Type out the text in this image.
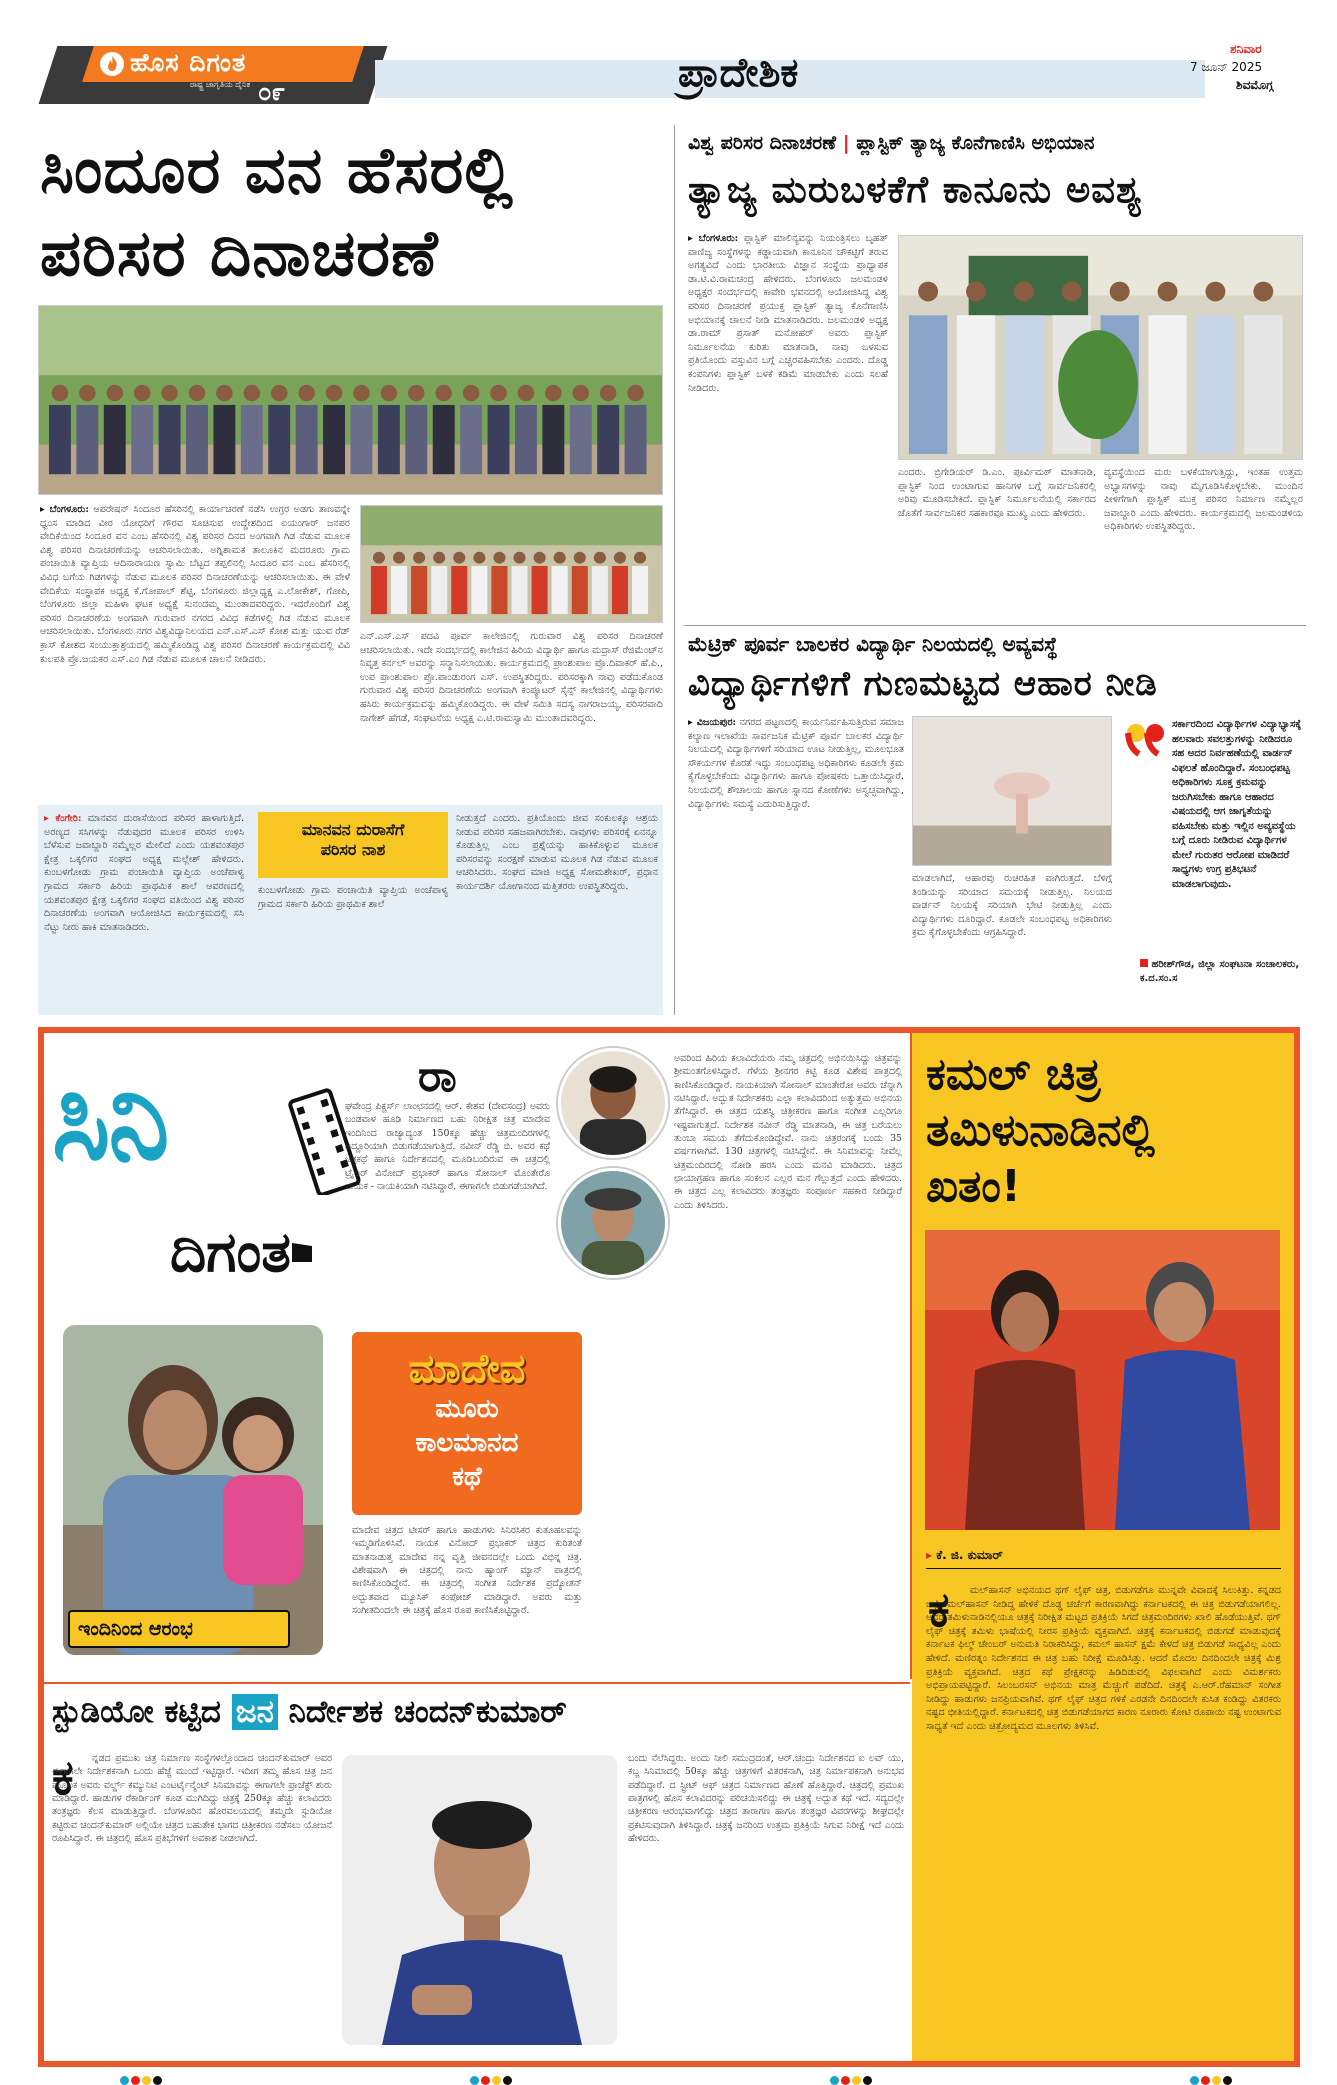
ಹೊಸ ದಿಗಂತ
ರಾಷ್ಟ್ರ ಜಾಗೃತಿಯ ದೈನಿಕ ೦೯	ಪ್ರಾದೇಶಿಕ
ಶನಿವಾರ
7 ಜೂನ್ 2025
ಶಿವಮೊಗ್ಗ
ಸಿಂದೂರ ವನ ಹೆಸರಲ್ಲಿ
ಪರಿಸರ ದಿನಾಚರಣೆ
▸ ಬೆಂಗಳೂರು: ಆಪರೇಷನ್ ಸಿಂದೂರ ಹೆಸರಿನಲ್ಲಿ ಕಾರ್ಯಾಚರಣೆ ನಡೆಸಿ ಉಗ್ರರ ಅಡಗು ತಾಣವನ್ನೇ ಧ್ವಂಸ ಮಾಡಿದ ವೀರ ಯೋಧರಿಗೆ ಗೌರವ ಸೂಚಿಸುವ ಉದ್ದೇಶದಿಂದ ಐಯಂಗಾರ್ ಜನಪರ ವೇದಿಕೆಯಿಂದ ಸಿಂದೂರ ವನ ಎಂಬ ಹೆಸರಿನಲ್ಲಿ ವಿಶ್ವ ಪರಿಸರ ದಿನದ ಅಂಗವಾಗಿ ಗಿಡ ನೆಡುವ ಮೂಲಕ ವಿಶ್ವ ಪರಿಸರ ದಿನಾಚರಣೆಯನ್ನು ಆಚರಿಸಲಾಯಿತು. ಅಗ್ನಿಶಾಮಕ ತಾಲೂಕಿನ ಮದರೂರು ಗ್ರಾಮ ಪಂಚಾಯಿತಿ ವ್ಯಾಪ್ತಿಯ ಆದಿನಾರಾಯಣ ಸ್ವಾಮಿ ಬೆಟ್ಟದ ತಪ್ಪಲಿನಲ್ಲಿ ಸಿಂದೂರ ವನ ಎಂಬ ಹೆಸರಿನಲ್ಲಿ ವಿವಿಧ ಬಗೆಯ ಗಿಡಗಳನ್ನು ನೆಡುವ ಮೂಲಕ ಪರಿಸರ ದಿನಾಚರಣೆಯನ್ನು ಆಚರಿಸಲಾಯಿತು. ಈ ವೇಳೆ ವೇದಿಕೆಯ ಸಂಸ್ಥಾಪಕ ಅಧ್ಯಕ್ಷ ಕೆ.ಗೋಪಾಲ್ ಶೆಟ್ಟಿ, ಬೆಂಗಳೂರು ಜಿಲ್ಲಾಧ್ಯಕ್ಷ ಎ.ಲೋಕೇಶ್, ಗೋಪಿ, ಬೆಂಗಳೂರು ಜಿಲ್ಲಾ ಮಹಿಳಾ ಘಟಕ ಅಧ್ಯಕ್ಷೆ ಸುನಂದಮ್ಮ ಮುಂತಾದವರಿದ್ದರು. ಇದರೊಂದಿಗೆ ವಿಶ್ವ ಪರಿಸರ ದಿನಾಚರಣೆಯ ಅಂಗವಾಗಿ ಗುರುವಾರ ನಗರದ ವಿವಿಧ ಕಡೆಗಳಲ್ಲಿ ಗಿಡ ನೆಡುವ ಮೂಲಕ ಆಚರಿಸಲಾಯಿತು. ಬೆಂಗಳೂರು ನಗರ ವಿಶ್ವವಿದ್ಯಾನಿಲಯದ ಎನ್.ಎಸ್.ಎಸ್ ಕೋಶ ಮತ್ತು ಯುವ ರೆಡ್ ಕ್ರಾಸ್ ಕೋಶದ ಸಂಯುಕ್ತಾಶ್ರಯದಲ್ಲಿ ಹಮ್ಮಿಕೊಂಡಿದ್ದ ವಿಶ್ವ ಪರಿಸರ ದಿನಾಚರಣೆ ಕಾರ್ಯಕ್ರಮದಲ್ಲಿ ವಿವಿ ಕುಲಪತಿ ಪ್ರೊ.ಜಯಕರ ಎಸ್.ಎಂ ಗಿಡ ನೆಡುವ ಮೂಲಕ ಚಾಲನೆ ನೀಡಿದರು.
ಎನ್.ಎಸ್.ಎಸ್ ಪದವಿ ಪೂರ್ವ ಕಾಲೇಜಿನಲ್ಲಿ ಗುರುವಾರ ವಿಶ್ವ ಪರಿಸರ ದಿನಾಚರಣೆ ಆಚರಿಸಲಾಯಿತು. ಇದೇ ಸಂದರ್ಭದಲ್ಲಿ ಕಾಲೇಜಿನ ಹಿರಿಯ ವಿದ್ಯಾರ್ಥಿ ಹಾಗೂ ಮದ್ರಾಸ್ ರೆಜಿಮೆಂಟ್‌ನ ನಿವೃತ್ತ ಕರ್ನಲ್ ಅವರನ್ನು ಸನ್ಮಾನಿಸಲಾಯಿತು. ಕಾರ್ಯಕ್ರಮದಲ್ಲಿ ಪ್ರಾಂಶುಪಾಲ ಪ್ರೊ.ದಿವಾಕರ್ ಹೆ.ಪಿ., ಉಪ ಪ್ರಾಂಶುಪಾಲ ಪ್ರೊ.ಪಾಂಡುರಂಗ ಎಸ್. ಉಪಸ್ಥಿತರಿದ್ದರು. ಪರಿಸರಕ್ಕಾಗಿ ನಾವು ಪಡೆದುಕೊಂಡ ಗುರುವಾರ ವಿಶ್ವ ಪರಿಸರ ದಿನಾಚರಣೆಯ ಅಂಗವಾಗಿ ಕಂಪ್ಯೂಟರ್ ಸೈನ್ಸ್ ಕಾಲೇಜಿನಲ್ಲಿ ವಿದ್ಯಾರ್ಥಿಗಳು ಹಸಿರು ಕಾರ್ಯಕ್ರಮವನ್ನು ಹಮ್ಮಿಕೊಂಡಿದ್ದರು. ಈ ವೇಳೆ ಸಮಿತಿ ಸದಸ್ಯ ನಾಗರಾಜಯ್ಯ, ಪರಿಸರವಾದಿ ನಾಗೇಶ್ ಹೆಗಡೆ, ಸಂಘಟನೆಯ ಅಧ್ಯಕ್ಷ ಎ.ಟಿ.ರಾಮಸ್ವಾಮಿ ಮುಂತಾದವರಿದ್ದರು.
▸ ಕೆಂಗೇರಿ: ಮಾನವನ ದುರಾಸೆಯಿಂದ ಪರಿಸರ ಹಾಳಾಗುತ್ತಿದೆ. ಅರಣ್ಯದ ಸಸಿಗಳನ್ನು ನೆಡುವುದರ ಮೂಲಕ ಪರಿಸರ ಉಳಿಸಿ ಬೆಳೆಸುವ ಜವಾಬ್ದಾರಿ ನಮ್ಮೆಲ್ಲರ ಮೇಲಿದೆ ಎಂದು ಯಶವಂತಪುರ ಕ್ಷೇತ್ರ ಒಕ್ಕಲಿಗರ ಸಂಘದ ಅಧ್ಯಕ್ಷ ಮಲ್ಲೇಶ್ ಹೇಳಿದರು. ಕುಂಬಳಗೋಡು ಗ್ರಾಮ ಪಂಚಾಯಿತಿ ವ್ಯಾಪ್ತಿಯ ಅಂಚೆಪಾಳ್ಯ ಗ್ರಾಮದ ಸರ್ಕಾರಿ ಹಿರಿಯ ಪ್ರಾಥಮಿಕ ಶಾಲೆ ಆವರಣದಲ್ಲಿ ಯಶವಂತಪುರ ಕ್ಷೇತ್ರ ಒಕ್ಕಲಿಗರ ಸಂಘದ ವತಿಯಿಂದ ವಿಶ್ವ ಪರಿಸರ ದಿನಾಚರಣೆಯ ಅಂಗವಾಗಿ ಆಯೋಜಿಸಿದ ಕಾರ್ಯಕ್ರಮದಲ್ಲಿ ಸಸಿ ನೆಟ್ಟು ನೀರು ಹಾಕಿ ಮಾತನಾಡಿದರು.
ಮಾನವನ ದುರಾಸೆಗೆ
ಪರಿಸರ ನಾಶ
ಕುಂಬಳಗೋಡು ಗ್ರಾಮ ಪಂಚಾಯಿತಿ ವ್ಯಾಪ್ತಿಯ ಅಂಚೆಪಾಳ್ಯ ಗ್ರಾಮದ ಸರ್ಕಾರಿ ಹಿರಿಯ ಪ್ರಾಥಮಿಕ ಶಾಲೆ
ನೀಡುತ್ತದೆ ಎಂದರು. ಪ್ರತಿಯೊಂದು ಜೀವ ಸಂಕುಲಕ್ಕೂ ಆಶ್ರಯ ನೀಡುವ ಪರಿಸರ ಸಹಜವಾಗಿರಬೇಕು. ನಾವುಗಳು ಪರಿಸರಕ್ಕೆ ಏನನ್ನೂ ಕೊಡುತ್ತಿಲ್ಲ ಎಂಬ ಪ್ರಶ್ನೆಯನ್ನು ಹಾಕಿಕೊಳ್ಳುವ ಮೂಲಕ ಪರಿಸರವನ್ನು ಸಂರಕ್ಷಣೆ ಮಾಡುವ ಮೂಲಕ ಗಿಡ ನೆಡುವ ಮೂಲಕ ಆಚರಿಸಿದರು. ಸಂಘದ ಮಾಜಿ ಅಧ್ಯಕ್ಷ ಸೋಮಶೇಖರ್, ಪ್ರಧಾನ ಕಾರ್ಯದರ್ಶಿ ಯೋಗಾನಂದ ಮತ್ತಿತರರು ಉಪಸ್ಥಿತರಿದ್ದರು.
ವಿಶ್ವ ಪರಿಸರ ದಿನಾಚರಣೆ | ಪ್ಲಾಸ್ಟಿಕ್ ತ್ಯಾಜ್ಯ ಕೊನೆಗಾಣಿಸಿ ಅಭಿಯಾನ
ತ್ಯಾಜ್ಯ ಮರುಬಳಕೆಗೆ ಕಾನೂನು ಅವಶ್ಯ
▸ ಬೆಂಗಳೂರು: ಪ್ಲಾಸ್ಟಿಕ್ ಮಾಲಿನ್ಯವನ್ನು ನಿಯಂತ್ರಿಸಲು ಬೃಹತ್ ವಾಣಿಜ್ಯ ಸಂಸ್ಥೆಗಳನ್ನು ಕಡ್ಡಾಯವಾಗಿ ಕಾನೂನಿನ ಚೌಕಟ್ಟಿಗೆ ತರುವ ಅಗತ್ಯವಿದೆ ಎಂದು ಭಾರತೀಯ ವಿಜ್ಞಾನ ಸಂಸ್ಥೆಯ ಪ್ರಾಧ್ಯಾಪಕ ಡಾ.ಟಿ.ವಿ.ರಾಮಚಂದ್ರ ಹೇಳಿದರು. ಬೆಂಗಳೂರು ಜಲಮಂಡಳಿ ಅಧ್ಯಕ್ಷರ ಸಂದರ್ಭದಲ್ಲಿ ಕಾವೇರಿ ಭವನದಲ್ಲಿ ಆಯೋಜಿಸಿದ್ದ ವಿಶ್ವ ಪರಿಸರ ದಿನಾಚರಣೆ ಪ್ರಯುಕ್ತ ಪ್ಲಾಸ್ಟಿಕ್ ತ್ಯಾಜ್ಯ ಕೊನೆಗಾಣಿಸಿ ಅಭಿಯಾನಕ್ಕೆ ಚಾಲನೆ ನೀಡಿ ಮಾತನಾಡಿದರು. ಜಲಮಂಡಳಿ ಅಧ್ಯಕ್ಷ ಡಾ.ರಾಮ್ ಪ್ರಸಾತ್ ಮನೋಹರ್ ಅವರು ಪ್ಲಾಸ್ಟಿಕ್ ನಿರ್ಮೂಲನೆಯ ಕುರಿತು ಮಾತನಾಡಿ, ನಾವು ಬಳಸುವ ಪ್ರತಿಯೊಂದು ವಸ್ತುವಿನ ಬಗ್ಗೆ ಎಚ್ಚರವಹಿಸಬೇಕು ಎಂದರು. ದೊಡ್ಡ ಕಂಪನಿಗಳು ಪ್ಲಾಸ್ಟಿಕ್ ಬಳಕೆ ಕಡಿಮೆ ಮಾಡಬೇಕು ಎಂದು ಸಲಹೆ ನೀಡಿದರು.
ಎಂದರು. ಬ್ರಿಗೇಡಿಯರ್ ಡಿ.ಎಂ. ಪೂರ್ವಿಮಠ್ ಮಾತನಾಡಿ, ಪ್ಲಾಸ್ಟಿಕ್ ನಿಂದ ಉಂಟಾಗುವ ಹಾನಿಗಳ ಬಗ್ಗೆ ಸಾರ್ವಜನಿಕರಲ್ಲಿ ಅರಿವು ಮೂಡಿಸಬೇಕಿದೆ. ಪ್ಲಾಸ್ಟಿಕ್ ನಿರ್ಮೂಲನೆಯಲ್ಲಿ ಸರ್ಕಾರದ ಜೊತೆಗೆ ಸಾರ್ವಜನಿಕರ ಸಹಕಾರವೂ ಮುಖ್ಯ ಎಂದು ಹೇಳಿದರು.
ವ್ಯವಸ್ಥೆಯಿಂದ ಮರು ಬಳಕೆಯಾಗುತ್ತಿದ್ದು, ಇಂತಹ ಉತ್ತಮ ಅಭ್ಯಾಸಗಳನ್ನು ನಾವು ಮೈಗೂಡಿಸಿಕೊಳ್ಳಬೇಕು. ಮುಂದಿನ ಪೀಳಿಗೆಗಾಗಿ ಪ್ಲಾಸ್ಟಿಕ್ ಮುಕ್ತ ಪರಿಸರ ನಿರ್ಮಾಣ ನಮ್ಮೆಲ್ಲರ ಜವಾಬ್ದಾರಿ ಎಂದು ಹೇಳಿದರು. ಕಾರ್ಯಕ್ರಮದಲ್ಲಿ ಜಲಮಂಡಳಿಯ ಅಧಿಕಾರಿಗಳು ಉಪಸ್ಥಿತರಿದ್ದರು.
ಮೆಟ್ರಿಕ್ ಪೂರ್ವ ಬಾಲಕರ ವಿದ್ಯಾರ್ಥಿ ನಿಲಯದಲ್ಲಿ ಅವ್ಯವಸ್ಥೆ
ವಿದ್ಯಾರ್ಥಿಗಳಿಗೆ ಗುಣಮಟ್ಟದ ಆಹಾರ ನೀಡಿ
▸ ವಿಜಯಪುರ: ನಗರದ ಪಟ್ಟಣದಲ್ಲಿ ಕಾರ್ಯನಿರ್ವಹಿಸುತ್ತಿರುವ ಸಮಾಜ ಕಲ್ಯಾಣ ಇಲಾಖೆಯ ಸಾರ್ವಜನಿಕ ಮೆಟ್ರಿಕ್ ಪೂರ್ವ ಬಾಲಕರ ವಿದ್ಯಾರ್ಥಿ ನಿಲಯದಲ್ಲಿ ವಿದ್ಯಾರ್ಥಿಗಳಿಗೆ ಸರಿಯಾದ ಊಟ ನೀಡುತ್ತಿಲ್ಲ, ಮೂಲಭೂತ ಸೌಕರ್ಯಗಳ ಕೊರತೆ ಇದ್ದು ಸಂಬಂಧಪಟ್ಟ ಅಧಿಕಾರಿಗಳು ಕೂಡಲೇ ಕ್ರಮ ಕೈಗೊಳ್ಳಬೇಕೆಂದು ವಿದ್ಯಾರ್ಥಿಗಳು ಹಾಗೂ ಪೋಷಕರು ಒತ್ತಾಯಿಸಿದ್ದಾರೆ. ನಿಲಯದಲ್ಲಿ ಶೌಚಾಲಯ ಹಾಗೂ ಸ್ನಾನದ ಕೋಣೆಗಳು ಅಸ್ವಚ್ಛವಾಗಿದ್ದು, ವಿದ್ಯಾರ್ಥಿಗಳು ಸಮಸ್ಯೆ ಎದುರಿಸುತ್ತಿದ್ದಾರೆ.
ಮಾಡಲಾಗಿದೆ, ಆಹಾರವು ರುಚಿರಹಿತ ವಾಗಿರುತ್ತದೆ. ಬೆಳಿಗ್ಗೆ ತಿಂಡಿಯನ್ನು ಸರಿಯಾದ ಸಮಯಕ್ಕೆ ನೀಡುತ್ತಿಲ್ಲ. ನಿಲಯದ ವಾರ್ಡನ್ ನಿಲಯಕ್ಕೆ ಸರಿಯಾಗಿ ಭೇಟಿ ನೀಡುತ್ತಿಲ್ಲ ಎಂದು ವಿದ್ಯಾರ್ಥಿಗಳು ದೂರಿದ್ದಾರೆ. ಕೂಡಲೇ ಸಂಬಂಧಪಟ್ಟ ಅಧಿಕಾರಿಗಳು ಕ್ರಮ ಕೈಗೊಳ್ಳಬೇಕೆಂದು ಆಗ್ರಹಿಸಿದ್ದಾರೆ.
ಸರ್ಕಾರದಿಂದ ವಿದ್ಯಾರ್ಥಿಗಳ ವಿದ್ಯಾಭ್ಯಾಸಕ್ಕೆ ಹಲವಾರು ಸವಲತ್ತುಗಳನ್ನು ನೀಡಿದರೂ ಸಹ ಅದರ ನಿರ್ವಹಣೆಯಲ್ಲಿ ವಾರ್ಡನ್ ವಿಫಲತೆ ಹೊಂದಿದ್ದಾರೆ. ಸಂಬಂಧಪಟ್ಟ ಅಧಿಕಾರಿಗಳು ಸೂಕ್ತ ಕ್ರಮವನ್ನು ಜರುಗಿಸಬೇಕು ಹಾಗೂ ಆಹಾರದ ವಿಷಯದಲ್ಲಿ ಆಗ ಜಾಗೃತೆಯನ್ನು ವಹಿಸಬೇಕು ಮತ್ತು ಇಲ್ಲಿನ ಅವ್ಯವಸ್ಥೆಯ ಬಗ್ಗೆ ದೂರು ನೀಡಿರುವ ವಿದ್ಯಾರ್ಥಿಗಳ ಮೇಲೆ ಗುರುತರ ಆರೋಪ ಮಾಡಿದರೆ ಸಾಧ್ಯಗಳು ಉಗ್ರ ಪ್ರತಿಭಟನೆ ಮಾಡಲಾಗುವುದು.
ಹರೀಶ್‌ಗೌಡ, ಜಿಲ್ಲಾ ಸಂಘಟನಾ ಸಂಚಾಲಕರು, ಕ.ದ.ಸಂ.ಸ
ಸಿನಿ
ದಿಗಂತ
ಇಂದಿನಿಂದ ಆರಂಭ
ಮಾದೇವ
ಮೂರು
ಕಾಲಮಾನದ
ಕಥೆ
ರಾ
ಘವೇಂದ್ರ ಪಿಕ್ಚರ್ಸ್ ಲಾಂಛನದಲ್ಲಿ ಆರ್. ಕೇಶವ (ದೇವಸಂದ್ರ) ಅವರು ಬಂಡವಾಳ ಹೂಡಿ ನಿರ್ಮಾಣದ ಬಹು ನಿರೀಕ್ಷಿತ ಚಿತ್ರ ಮಾದೇವ ಇಂದಿನಿಂದ ರಾಜ್ಯಾದ್ಯಂತ 150ಕ್ಕೂ ಹೆಚ್ಚು ಚಿತ್ರಮಂದಿರಗಳಲ್ಲಿ ಅದ್ದೂರಿಯಾಗಿ ಬಿಡುಗಡೆಯಾಗುತ್ತಿದೆ. ನವೀನ್ ರೆಡ್ಡಿ ಬಿ. ಅವರ ಕಥೆ ಚಿತ್ರಕಥೆ ಹಾಗೂ ನಿರ್ದೇಶನದಲ್ಲಿ ಮೂಡಿಬಂದಿರುವ ಈ ಚಿತ್ರದಲ್ಲಿ ಟ್ರೈಲರ್ ವಿನೋದ್ ಪ್ರಭಾಕರ್ ಹಾಗೂ ಸೋನಾಲ್ ಮೊಂತೇರೊ ನಾಯಕ - ನಾಯಕಿಯಾಗಿ ನಟಿಸಿದ್ದಾರೆ. ಈಗಾಗಲೇ ಬಿಡುಗಡೆಯಾಗಿದೆ.
ಮಾದೇವ ಚಿತ್ರದ ಟೀಸರ್ ಹಾಗೂ ಹಾಡುಗಳು ಸಿನಿರಸಿಕರ ಕುತೂಹಲವನ್ನು ಇಮ್ಮಡಿಗೊಳಿಸಿವೆ. ನಾಯಕ ವಿನೋದ್ ಪ್ರಭಾಕರ್ ಚಿತ್ರದ ಕುರಿತಂತೆ ಮಾತನಾಡುತ್ತ ಮಾದೇವ ನನ್ನ ವೃತ್ತಿ ಜೀವನದಲ್ಲೇ ಒಂದು ವಿಭಿನ್ನ ಚಿತ್ರ. ವಿಶೇಷವಾಗಿ ಈ ಚಿತ್ರದಲ್ಲಿ ನಾನು ಹ್ಯಾಂಗ್ ಮ್ಯಾನ್ ಪಾತ್ರದಲ್ಲಿ ಕಾಣಿಸಿಕೊಂಡಿದ್ದೇನೆ. ಈ ಚಿತ್ರದಲ್ಲಿ ಸಂಗೀತ ನಿರ್ದೇಶಕ ಪ್ರದ್ಯೋತನ್ ಅದ್ಭುತವಾದ ಮ್ಯೂಸಿಕ್ ಕಂಪೋಜ್ ಮಾಡಿದ್ದಾರೆ. ಅವರು ಮತ್ತು ಸಂಗೀತದಿಂದಲೇ ಈ ಚಿತ್ರಕ್ಕೆ ಹೊಸ ರೂಪ ಕಾಣಿಸಿಕೊಟ್ಟಿದ್ದಾರೆ.
ಅವರಿಂದ ಹಿರಿಯ ಕಲಾವಿದೆಯರು ನಮ್ಮ ಚಿತ್ರದಲ್ಲಿ ಅಭಿನಯಿಸಿದ್ದು ಚಿತ್ರವನ್ನು ಶ್ರೀಮಂತಗೊಳಿಸಿದ್ದಾರೆ. ಗೆಳೆಯ ಶ್ರೀನಗರ ಕಿಟ್ಟಿ ಕೂಡ ವಿಶೇಷ ಪಾತ್ರದಲ್ಲಿ ಕಾಣಿಸಿಕೊಂಡಿದ್ದಾರೆ. ನಾಯಕಿಯಾಗಿ ಸೋನಾಲ್ ಮಾಂತೇರೋ ಅವರು ಚೆನ್ನಾಗಿ ನಟಿಸಿದ್ದಾರೆ. ಅದ್ಭುತ ನಿರ್ದೇಶಕರು ಎಲ್ಲಾ ಕಲಾವಿದರಿಂದ ಅತ್ಯುತ್ತಮ ಅಭಿನಯ ತೆಗೆಸಿದ್ದಾರೆ. ಈ ಚಿತ್ರದ ಯಶಸ್ವಿ ಚಿತ್ರೀಕರಣ ಹಾಗೂ ಸಂಗೀತ ಎಲ್ಲರಿಗೂ ಇಷ್ಟವಾಗುತ್ತದೆ. ನಿರ್ದೇಶಕ ನವೀನ್ ರೆಡ್ಡಿ ಮಾತನಾಡಿ, ಈ ಚಿತ್ರ ಬರೆಯಲು ತುಂಬಾ ಸಮಯ ತೆಗೆದುಕೊಂಡಿದ್ದೇವೆ. ನಾನು ಚಿತ್ರರಂಗಕ್ಕೆ ಬಂದು 35 ವರ್ಷಗಳಾಗಿವೆ. 130 ಚಿತ್ರಗಳಲ್ಲಿ ನಟಿಸಿದ್ದೇನೆ. ಈ ಸಿನಿಮಾವನ್ನು ನೀವೆಲ್ಲ ಚಿತ್ರಮಂದಿರದಲ್ಲಿ ನೋಡಿ ಹರಸಿ ಎಂದು ಮನವಿ ಮಾಡಿದರು. ಚಿತ್ರದ ಛಾಯಾಗ್ರಹಣ ಹಾಗೂ ಸಂಕಲನ ಎಲ್ಲರ ಮನ ಗೆಲ್ಲುತ್ತದೆ ಎಂದು ಹೇಳಿದರು. ಈ ಚಿತ್ರದ ಎಲ್ಲ ಕಲಾವಿದರು ತಂತ್ರಜ್ಞರು ಸಂಪೂರ್ಣ ಸಹಕಾರ ನೀಡಿದ್ದಾರೆ ಎಂದು ತಿಳಿಸಿದರು.
ಕಮಲ್ ಚಿತ್ರ
ತಮಿಳುನಾಡಿನಲ್ಲಿ
ಖತಂ!
▸ ಕೆ. ಜಿ. ಕುಮಾರ್
ಕ	ಮಲ್‌ಹಾಸನ್ ಅಭಿನಯದ ಥಗ್ ಲೈಫ್ ಚಿತ್ರ, ಬಿಡುಗಡೆಗೂ ಮುನ್ನವೇ ವಿವಾದಕ್ಕೆ ಸಿಲುಕಿತ್ತು. ಕನ್ನಡದ ಬಗ್ಗೆ ಕಮಲ್‌ಹಾಸನ್ ನೀಡಿದ್ದ ಹೇಳಿಕೆ ದೊಡ್ಡ ಚರ್ಚೆಗೆ ಕಾರಣವಾಗಿದ್ದು ಕರ್ನಾಟಕದಲ್ಲಿ ಈ ಚಿತ್ರ ಬಿಡುಗಡೆಯಾಗಲಿಲ್ಲ. ಆದರೆ ತಮಿಳುನಾಡಿನಲ್ಲಿಯೂ ಚಿತ್ರಕ್ಕೆ ನಿರೀಕ್ಷಿತ ಮಟ್ಟದ ಪ್ರತಿಕ್ರಿಯೆ ಸಿಗದೆ ಚಿತ್ರಮಂದಿರಗಳು ಖಾಲಿ ಹೊಡೆಯುತ್ತಿವೆ. ಥಗ್ ಲೈಫ್ ಚಿತ್ರಕ್ಕೆ ತಮಿಳು ಭಾಷೆಯಲ್ಲಿ ನೀರಸ ಪ್ರತಿಕ್ರಿಯೆ ವ್ಯಕ್ತವಾಗಿದೆ. ಚಿತ್ರಕ್ಕೆ ಕರ್ನಾಟಕದಲ್ಲಿ ಬಿಡುಗಡೆ ಮಾಡುವುದಕ್ಕೆ ಕರ್ನಾಟಕ ಫಿಲ್ಮ್ ಚೇಂಬರ್ ಅನುಮತಿ ನಿರಾಕರಿಸಿದ್ದು, ಕಮಲ್ ಹಾಸನ್ ಕ್ಷಮೆ ಕೇಳದೆ ಚಿತ್ರ ಬಿಡುಗಡೆ ಸಾಧ್ಯವಿಲ್ಲ ಎಂದು ಹೇಳಿದೆ. ಮಣಿರತ್ನಂ ನಿರ್ದೇಶನದ ಈ ಚಿತ್ರ ಬಹು ನಿರೀಕ್ಷೆ ಮೂಡಿಸಿತ್ತು. ಆದರೆ ಮೊದಲ ದಿನದಿಂದಲೇ ಚಿತ್ರಕ್ಕೆ ಮಿಶ್ರ ಪ್ರತಿಕ್ರಿಯೆ ವ್ಯಕ್ತವಾಗಿದೆ. ಚಿತ್ರದ ಕಥೆ ಪ್ರೇಕ್ಷಕರನ್ನು ಹಿಡಿದಿಡುವಲ್ಲಿ ವಿಫಲವಾಗಿದೆ ಎಂದು ವಿಮರ್ಶಕರು ಅಭಿಪ್ರಾಯಪಟ್ಟಿದ್ದಾರೆ. ಸಿಲಂಬರಸನ್ ಅಭಿನಯ ಮಾತ್ರ ಮೆಚ್ಚುಗೆ ಪಡೆದಿದೆ. ಚಿತ್ರಕ್ಕೆ ಎ.ಆರ್.ರೆಹಮಾನ್ ಸಂಗೀತ ನೀಡಿದ್ದು ಹಾಡುಗಳು ಜನಪ್ರಿಯವಾಗಿವೆ. ಥಗ್ ಲೈಫ್ ಚಿತ್ರದ ಗಳಿಕೆ ಎರಡನೇ ದಿನದಿಂದಲೇ ಕುಸಿತ ಕಂಡಿದ್ದು ವಿತರಕರು ನಷ್ಟದ ಭೀತಿಯಲ್ಲಿದ್ದಾರೆ. ಕರ್ನಾಟಕದಲ್ಲಿ ಚಿತ್ರ ಬಿಡುಗಡೆಯಾಗದ ಕಾರಣ ನೂರಾರು ಕೋಟಿ ರೂಪಾಯಿ ನಷ್ಟ ಉಂಟಾಗುವ ಸಾಧ್ಯತೆ ಇದೆ ಎಂದು ಚಿತ್ರೋದ್ಯಮದ ಮೂಲಗಳು ತಿಳಿಸಿವೆ.
ಸ್ಟುಡಿಯೋ ಕಟ್ಟಿದ ಜನ ನಿರ್ದೇಶಕ ಚಂದನ್‌ಕುಮಾರ್
ಕ	ನ್ನಡದ ಪ್ರಮುಖ ಚಿತ್ರ ನಿರ್ಮಾಣ ಸಂಸ್ಥೆಗಳಲ್ಲೊಂದಾದ ಚಂದನ್‌ಕುಮಾರ್ ಅವರ ಈಗಾಗಲೇ ನಿರ್ದೇಶಕನಾಗಿ ಒಂದು ಹೆಜ್ಜೆ ಮುಂದೆ ಇಟ್ಟಿದ್ದಾರೆ. ಇದೀಗ ತಮ್ಮ ಹೊಸ ಚಿತ್ರ ಜನ ಮೂಲಕ ಅವರು ವರ್ಲ್ಡ್ ಕಮ್ಯುನಿಟಿ ಎಂಟರ್ಟೈನ್ಮೆಂಟ್ ಸಿನಿಮಾವನ್ನು ಈಗಾಗಲೇ ಪ್ರಾಜೆಕ್ಟ್ ಶುರು ಮಾಡಿದ್ದಾರೆ. ಹಾಡುಗಳ ರೆಕಾರ್ಡಿಂಗ್ ಕೂಡ ಮುಗಿದಿದ್ದು ಚಿತ್ರಕ್ಕೆ 250ಕ್ಕೂ ಹೆಚ್ಚು ಕಲಾವಿದರು ತಂತ್ರಜ್ಞರು ಕೆಲಸ ಮಾಡುತ್ತಿದ್ದಾರೆ. ಬೆಂಗಳೂರಿನ ಹೊರವಲಯದಲ್ಲಿ ತಮ್ಮದೇ ಸ್ಟುಡಿಯೋ ಕಟ್ಟಿರುವ ಚಂದನ್‌ಕುಮಾರ್ ಅಲ್ಲಿಯೇ ಚಿತ್ರದ ಬಹುತೇಕ ಭಾಗದ ಚಿತ್ರೀಕರಣ ನಡೆಸಲು ಯೋಜನೆ ರೂಪಿಸಿದ್ದಾರೆ. ಈ ಚಿತ್ರದಲ್ಲಿ ಹೊಸ ಪ್ರತಿಭೆಗಳಿಗೆ ಅವಕಾಶ ನೀಡಲಾಗಿದೆ.
ಬಂದು ನೆಲೆಸಿದ್ದರು. ಅಂದು ನೀಲಿ ಸಮುದ್ರದಂತೆ, ಆರ್.ಚಂದ್ರು ನಿರ್ದೇಶನದ ಐ ಲವ್ ಯು, ಕಬ್ಜ ಸಿನಿಮಾದಲ್ಲಿ 50ಕ್ಕೂ ಹೆಚ್ಚು ಚಿತ್ರಗಳಿಗೆ ವಿತರಕನಾಗಿ, ಚಿತ್ರ ನಿರ್ಮಾಪಕನಾಗಿ ಅನುಭವ ಪಡೆದಿದ್ದಾರೆ. ದ ಸ್ಟ್ರೀಟ್ ಆಫ್ ಚಿತ್ರದ ನಿರ್ಮಾಣದ ಹೊಣೆ ಹೊತ್ತಿದ್ದಾರೆ. ಚಿತ್ರದಲ್ಲಿ ಪ್ರಮುಖ ಪಾತ್ರಗಳಲ್ಲಿ ಹೊಸ ಕಲಾವಿದರನ್ನು ಪರಿಚಯಿಸಲಿದ್ದು ಈ ಚಿತ್ರಕ್ಕೆ ಅದ್ಭುತ ಕಥೆ ಇದೆ. ಸದ್ಯದಲ್ಲೇ ಚಿತ್ರೀಕರಣ ಆರಂಭವಾಗಲಿದ್ದು ಚಿತ್ರದ ತಾರಾಗಣ ಹಾಗೂ ತಂತ್ರಜ್ಞರ ವಿವರಗಳನ್ನು ಶೀಘ್ರದಲ್ಲೇ ಪ್ರಕಟಿಸುವುದಾಗಿ ತಿಳಿಸಿದ್ದಾರೆ. ಚಿತ್ರಕ್ಕೆ ಜನರಿಂದ ಉತ್ತಮ ಪ್ರತಿಕ್ರಿಯೆ ಸಿಗುವ ನಿರೀಕ್ಷೆ ಇದೆ ಎಂದು ಹೇಳಿದರು.
